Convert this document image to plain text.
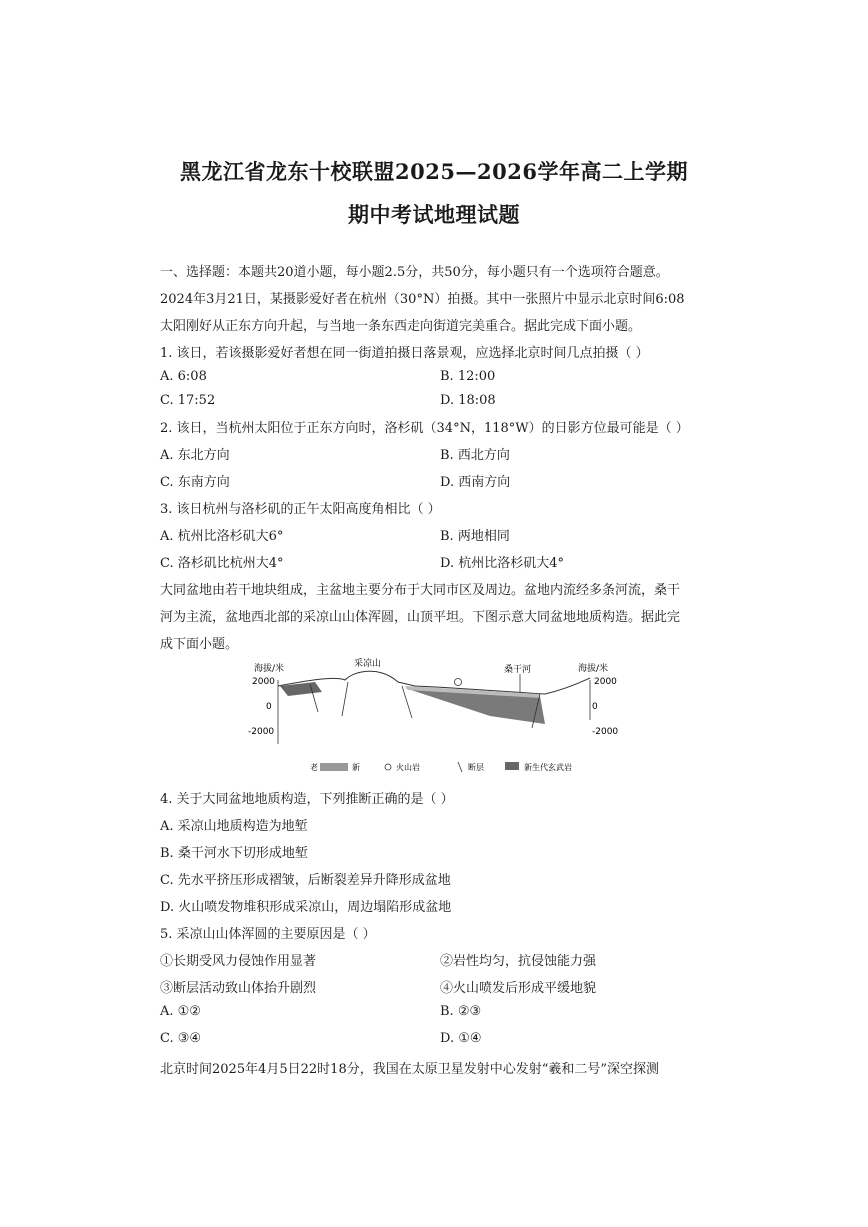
黑龙江省龙东十校联盟2025—2026学年高二上学期
期中考试地理试题
一、选择题：本题共20道小题，每小题2.5分，共50分，每小题只有一个选项符合题意。
2024年3月21日，某摄影爱好者在杭州（30°N）拍摄。其中一张照片中显示北京时间6:08
太阳刚好从正东方向升起，与当地一条东西走向街道完美重合。据此完成下面小题。
1. 该日，若该摄影爱好者想在同一街道拍摄日落景观，应选择北京时间几点拍摄（ ）
A. 6:08	B. 12:00
C. 17:52	D. 18:08
2. 该日，当杭州太阳位于正东方向时，洛杉矶（34°N，118°W）的日影方位最可能是（ ）
A. 东北方向	B. 西北方向
C. 东南方向	D. 西南方向
3. 该日杭州与洛杉矶的正午太阳高度角相比（ ）
A. 杭州比洛杉矶大6°	B. 两地相同
C. 洛杉矶比杭州大4°	D. 杭州比洛杉矶大4°
大同盆地由若干地块组成，主盆地主要分布于大同市区及周边。盆地内流经多条河流，桑干
河为主流，盆地西北部的采凉山山体浑圆，山顶平坦。下图示意大同盆地地质构造。据此完
成下面小题。
海拔/米	海拔/米
2000
0
-2000
2000
0
-2000
采凉山
桑干河
老	新	火山岩	断层	新生代玄武岩
4. 关于大同盆地地质构造，下列推断正确的是（ ）
A. 采凉山地质构造为地堑
B. 桑干河水下切形成地堑
C. 先水平挤压形成褶皱，后断裂差异升降形成盆地
D. 火山喷发物堆积形成采凉山，周边塌陷形成盆地
5. 采凉山山体浑圆的主要原因是（ ）
①长期受风力侵蚀作用显著	②岩性均匀，抗侵蚀能力强
③断层活动致山体抬升剧烈	④火山喷发后形成平缓地貌
A. ①②	B. ②③
C. ③④	D. ①④
北京时间2025年4月5日22时18分，我国在太原卫星发射中心发射“羲和二号”深空探测
